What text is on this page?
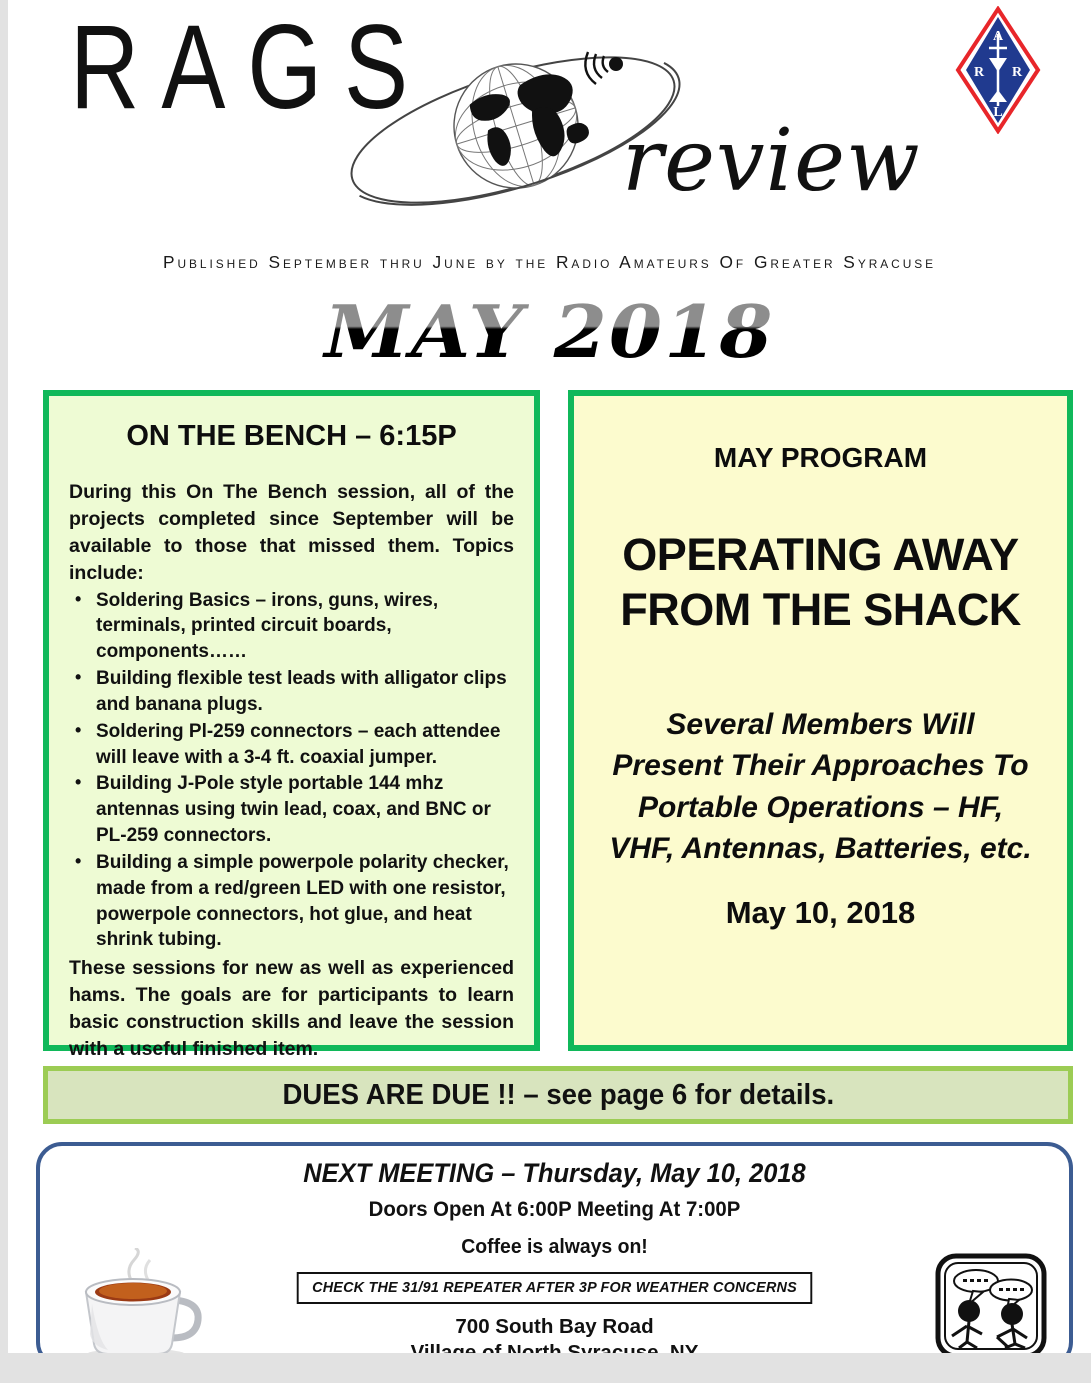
RAGS
review
A
R R
L
Published September thru June by the Radio Amateurs Of Greater Syracuse
MAY 2018
ON THE BENCH – 6:15P

During this On The Bench session, all of the projects completed since September will be available to those that missed them. Topics include:

• Soldering Basics – irons, guns, wires, terminals, printed circuit boards, components……
• Building flexible test leads with alligator clips and banana plugs.
• Soldering Pl-259 connectors – each attendee will leave with a 3-4 ft. coaxial jumper.
• Building J-Pole style portable 144 mhz antennas using twin lead, coax, and BNC or PL-259 connectors.
• Building a simple powerpole polarity checker, made from a red/green LED with one resistor, powerpole connectors, hot glue, and heat shrink tubing.

These sessions for new as well as experienced hams. The goals are for participants to learn basic construction skills and leave the session with a useful finished item.

MAY PROGRAM
OPERATING AWAY
FROM THE SHACK
Several Members Will
Present Their Approaches To
Portable Operations – HF,
VHF, Antennas, Batteries, etc.
May 10, 2018
DUES ARE DUE !! – see page 6 for details.
NEXT MEETING – Thursday, May 10, 2018
Doors Open At 6:00P Meeting At 7:00P
Coffee is always on!
CHECK THE 31/91 REPEATER AFTER 3P FOR WEATHER CONCERNS
700 South Bay Road
